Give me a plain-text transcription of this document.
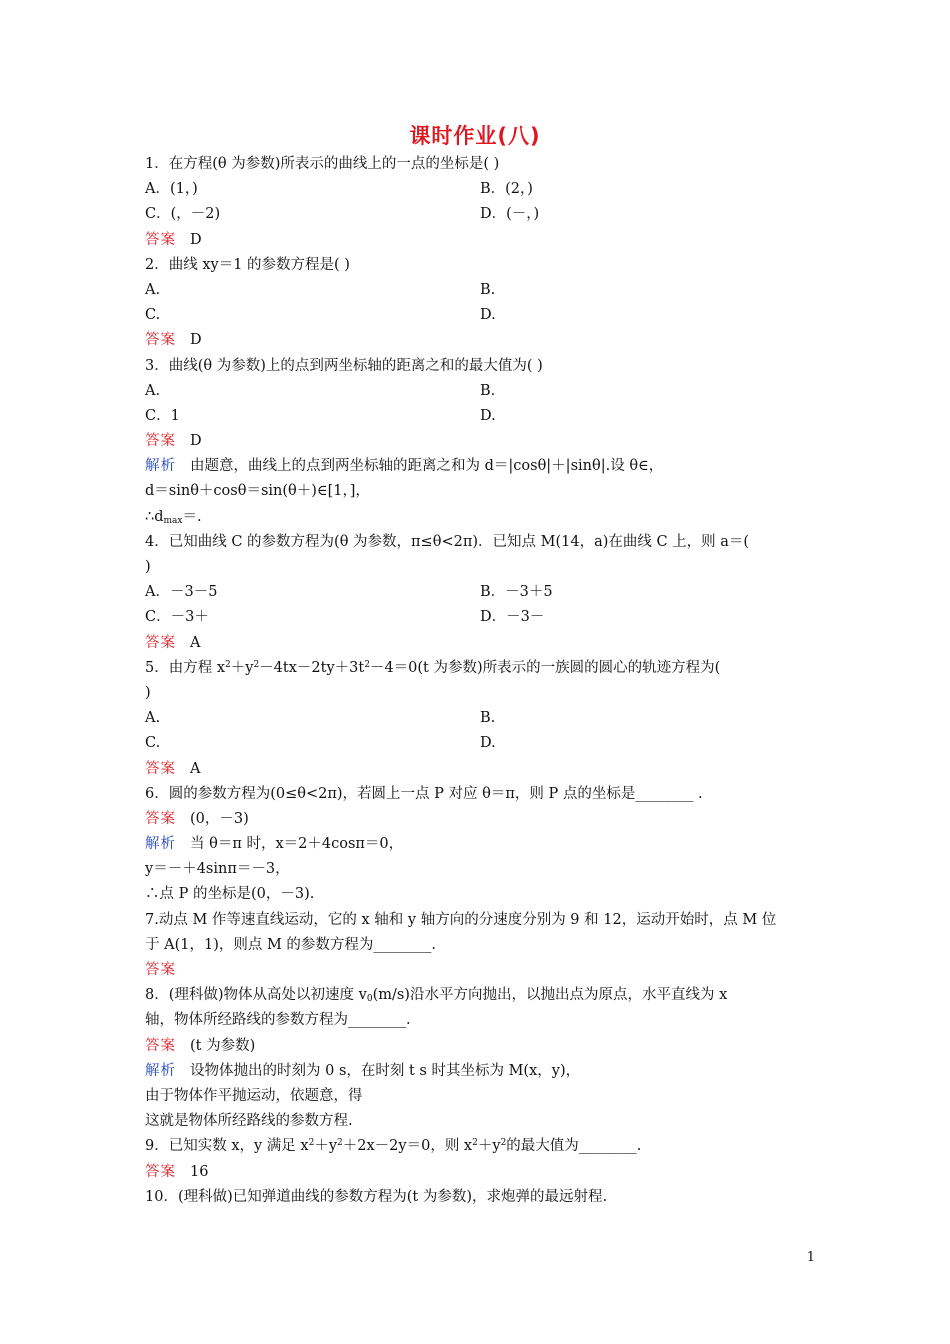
课时作业(八)
1．在方程(θ 为参数)所表示的曲线上的一点的坐标是( )
A．(1，)	B．(2，)
C．(，－2)	D．(－，)
答案 D
2．曲线 xy＝1 的参数方程是( )
A.	B.
C.	D.
答案 D
3．曲线(θ 为参数)上的点到两坐标轴的距离之和的最大值为( )
A.	B.
C．1	D.
答案 D
解析 由题意，曲线上的点到两坐标轴的距离之和为 d＝|cosθ|＋|sinθ|.设 θ∈，
d＝sinθ＋cosθ＝sin(θ＋)∈[1，]，
$\therefore d_{max}=$.
4．已知曲线 C 的参数方程为(θ 为参数，π≤θ<2π)．已知点 M(14，a)在曲线 C 上，则 a＝(
)
A．－3－5	B．－3＋5
C．－3＋	D．－3－
答案 A
5．由方程 $x^2+y^2-4tx-2ty+3t^2-4=0(t$ 为参数)所表示的一族圆的圆心的轨迹方程为(
)
A.	B.
C.	D.
答案 A
6．圆的参数方程为(0≤θ<2π)，若圆上一点 P 对应 θ＝π，则 P 点的坐标是________ .
答案 (0，－3)
解析 当 θ＝π 时，x＝2＋4cosπ＝0，
y＝－＋4sinπ＝－3，
∴点 P 的坐标是(0，－3).
7.动点 M 作等速直线运动，它的 x 轴和 y 轴方向的分速度分别为 9 和 12，运动开始时，点 M 位
于 A(1，1)，则点 M 的参数方程为________.
答案
8．(理科做)物体从高处以初速度 $v_0(m/s)$沿水平方向抛出，以抛出点为原点，水平直线为 x
轴，物体所经路线的参数方程为________.
答案 (t 为参数)
解析 设物体抛出的时刻为 0 s，在时刻 t s 时其坐标为 M(x，y)，
由于物体作平抛运动，依题意，得
这就是物体所经路线的参数方程.
9．已知实数 x，y 满足 $x^2+y^2+2x-2y=0$，则 $x^2+y^2$的最大值为________.
答案 16
10．(理科做)已知弹道曲线的参数方程为(t 为参数)，求炮弹的最远射程.
1
